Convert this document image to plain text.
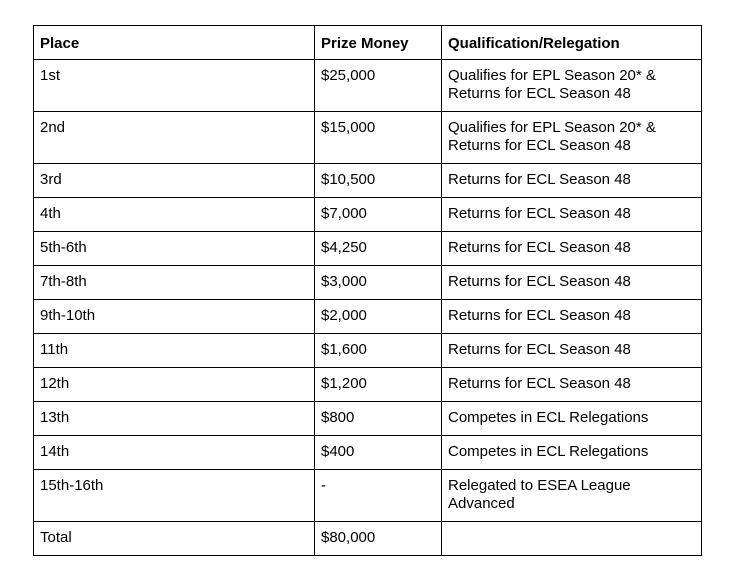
Place	Prize Money	Qualification/Relegation
1st	$25,000	Qualifies for EPL Season 20* & Returns for ECL Season 48
2nd	$15,000	Qualifies for EPL Season 20* & Returns for ECL Season 48
3rd	$10,500	Returns for ECL Season 48
4th	$7,000	Returns for ECL Season 48
5th-6th	$4,250	Returns for ECL Season 48
7th-8th	$3,000	Returns for ECL Season 48
9th-10th	$2,000	Returns for ECL Season 48
11th	$1,600	Returns for ECL Season 48
12th	$1,200	Returns for ECL Season 48
13th	$800	Competes in ECL Relegations
14th	$400	Competes in ECL Relegations
15th-16th	-	Relegated to ESEA League Advanced
Total	$80,000	
